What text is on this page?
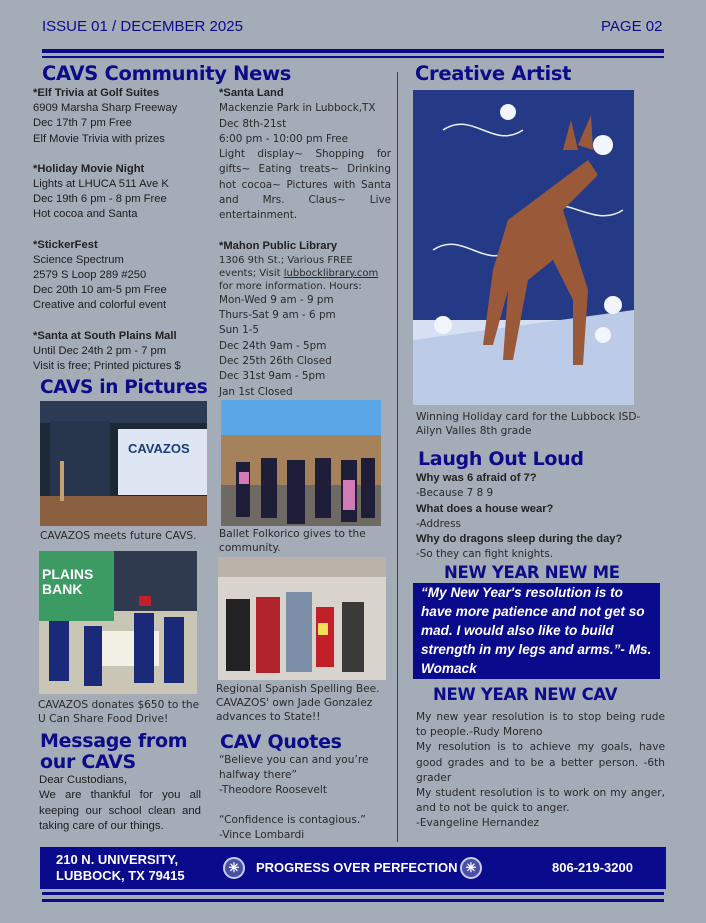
ISSUE 01 / DECEMBER 2025	PAGE 02
CAVS Community News
*Elf Trivia at Golf Suites
6909 Marsha Sharp Freeway
Dec 17th 7 pm Free
Elf Movie Trivia with prizes
*Holiday Movie Night
Lights at LHUCA 511 Ave K
Dec 19th 6 pm - 8 pm Free
Hot cocoa and Santa
*StickerFest
Science Spectrum
2579 S Loop 289 #250
Dec 20th 10 am-5 pm Free
Creative and colorful event
*Santa at South Plains Mall
Until Dec 24th 2 pm - 7 pm
Visit is free; Printed pictures $
*Santa Land
Mackenzie Park in Lubbock,TX
Dec 8th-21st
6:00 pm - 10:00 pm Free
Light display~ Shopping for gifts~ Eating treats~ Drinking hot cocoa~ Pictures with Santa and Mrs. Claus~ Live entertainment.
*Mahon Public Library
1306 9th St.; Various FREE events; Visit lubbocklibrary.com for more information. Hours:
Mon-Wed 9 am - 9 pm
Thurs-Sat 9 am - 6 pm
Sun 1-5
Dec 24th 9am - 5pm
Dec 25th 26th Closed
Dec 31st 9am - 5pm
Jan 1st Closed
CAVS in Pictures
CAVAZOS
CAVAZOS meets future CAVS.	Ballet Folkorico gives to the community.
PLAINS BANK
CAVAZOS donates $650 to the U Can Share Food Drive!
Regional Spanish Spelling Bee. CAVAZOS' own Jade Gonzalez advances to State!!
Message from
our CAVS
Dear Custodians,
We are thankful for you all keeping our school clean and taking care of our things.
CAV Quotes
“Believe you can and you’re halfway there”
-Theodore Roosevelt
“Confidence is contagious.”
-Vince Lombardi
Creative Artist
Winning Holiday card for the Lubbock ISD- Ailyn Valles 8th grade
Laugh Out Loud
Why was 6 afraid of 7?
-Because 7 8 9
What does a house wear?
-Address
Why do dragons sleep during the day?
-So they can fight knights.
NEW YEAR NEW ME
“My New Year's resolution is to have more patience and not get so mad. I would also like to build strength in my legs and arms.”- Ms. Womack
NEW YEAR NEW CAV
My new year resolution is to stop being rude to people.-Rudy Moreno
My resolution is to achieve my goals, have good grades and to be a better person. -6th grader
My student resolution is to work on my anger, and to not be quick to anger.
-Evangeline Hernandez
210 N. UNIVERSITY,
LUBBOCK, TX 79415
✳	PROGRESS OVER PERFECTION ✳	806-219-3200
